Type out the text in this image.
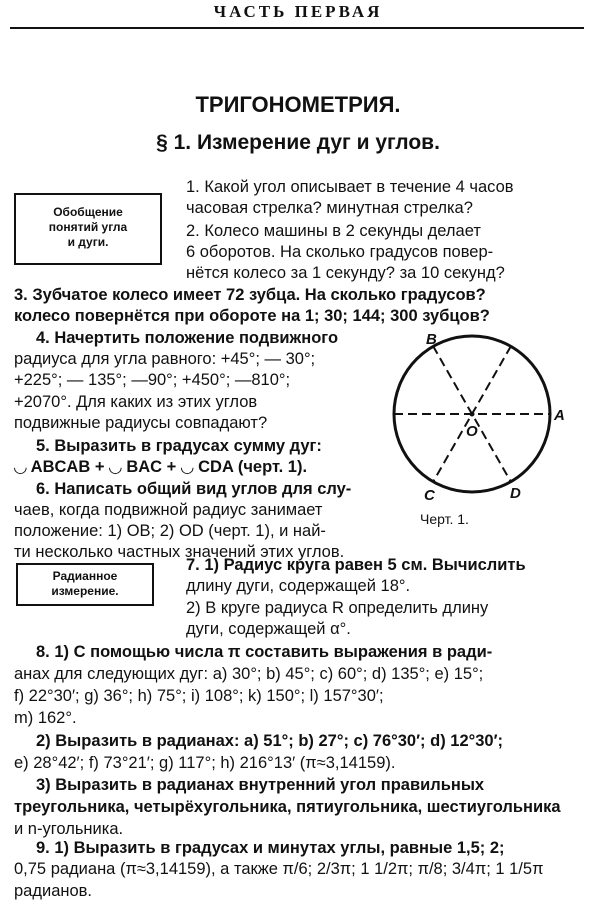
ЧАСТЬ ПЕРВАЯ
ТРИГОНОМЕТРИЯ.
§ 1. Измерение дуг и углов.
Обобщение
понятий угла
и дуги.
Радианное
измерение.
B
A
O
C	D
Черт. 1.
1. Какой угол описывает в течение 4 часов
часовая стрелка? минутная стрелка?
2. Колесо машины в 2 секунды делает
6 оборотов. На сколько градусов повер-
нётся колесо за 1 секунду? за 10 секунд?
3. Зубчатое колесо имеет 72 зубца. На сколько градусов?
колесо повернётся при обороте на 1; 30; 144; 300 зубцов?
4. Начертить положение подвижного
радиуса для угла равного: +45°; — 30°;
+225°; — 135°; —90°; +450°; —810°;
+2070°. Для каких из этих углов
подвижные радиусы совпадают?
5. Выразить в градусах сумму дуг:
◡ ABCAB + ◡ BAC + ◡ CDA (черт. 1).
6. Написать общий вид углов для слу-
чаев, когда подвижной радиус занимает
положение: 1) OB; 2) OD (черт. 1), и най-
ти несколько частных значений этих углов.
7. 1) Радиус круга равен 5 см. Вычислить
длину дуги, содержащей 18°.
2) В круге радиуса R определить длину
дуги, содержащей α°.
8. 1) С помощью числа π составить выражения в ради-
анах для следующих дуг: a) 30°; b) 45°; c) 60°; d) 135°; e) 15°;
f) 22°30′; g) 36°; h) 75°; i) 108°; k) 150°; l) 157°30′;
m) 162°.
2) Выразить в радианах: a) 51°; b) 27°; c) 76°30′; d) 12°30′;
e) 28°42′; f) 73°21′; g) 117°; h) 216°13′ (π≈3,14159).
3) Выразить в радианах внутренний угол правильных
треугольника, четырёхугольника, пятиугольника, шестиугольника
и n-угольника.
9. 1) Выразить в градусах и минутах углы, равные 1,5; 2;
0,75 радиана (π≈3,14159), а также π/6; 2/3π; 1 1/2π; π/8; 3/4π; 1 1/5π
радианов.
